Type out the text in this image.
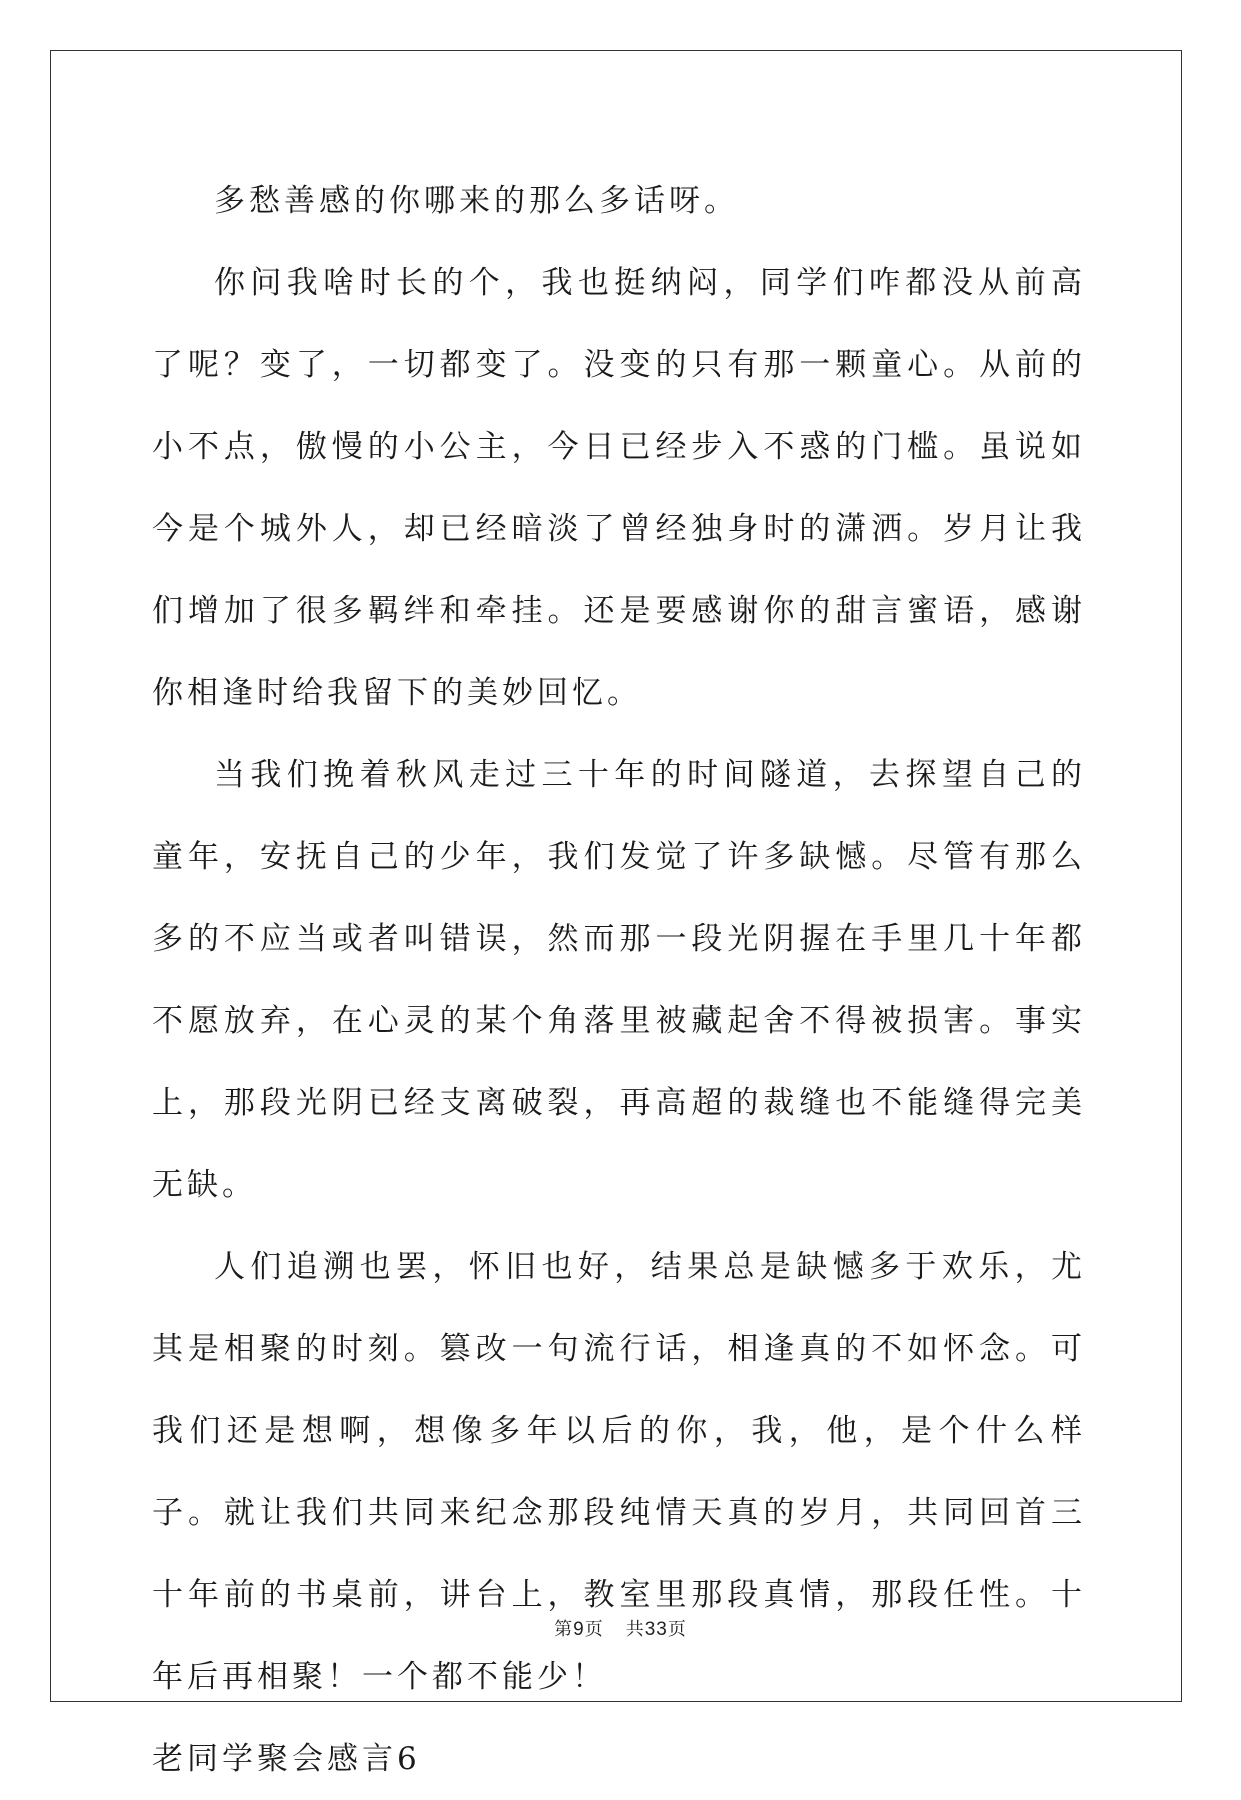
多愁善感的你哪来的那么多话呀。

你问我啥时长的个，我也挺纳闷，同学们咋都没从前高了呢？变了，一切都变了。没变的只有那一颗童心。从前的小不点，傲慢的小公主，今日已经步入不惑的门槛。虽说如今是个城外人，却已经暗淡了曾经独身时的潇洒。岁月让我们增加了很多羁绊和牵挂。还是要感谢你的甜言蜜语，感谢你相逢时给我留下的美妙回忆。

当我们挽着秋风走过三十年的时间隧道，去探望自己的童年，安抚自己的少年，我们发觉了许多缺憾。尽管有那么多的不应当或者叫错误，然而那一段光阴握在手里几十年都不愿放弃，在心灵的某个角落里被藏起舍不得被损害。事实上，那段光阴已经支离破裂，再高超的裁缝也不能缝得完美无缺。

人们追溯也罢，怀旧也好，结果总是缺憾多于欢乐，尤其是相聚的时刻。篡改一句流行话，相逢真的不如怀念。可我们还是想啊，想像多年以后的你，我，他，是个什么样子。就让我们共同来纪念那段纯情天真的岁月，共同回首三十年前的书桌前，讲台上，教室里那段真情，那段任性。十年后再相聚！一个都不能少！

老同学聚会感言6

第9页 共33页
